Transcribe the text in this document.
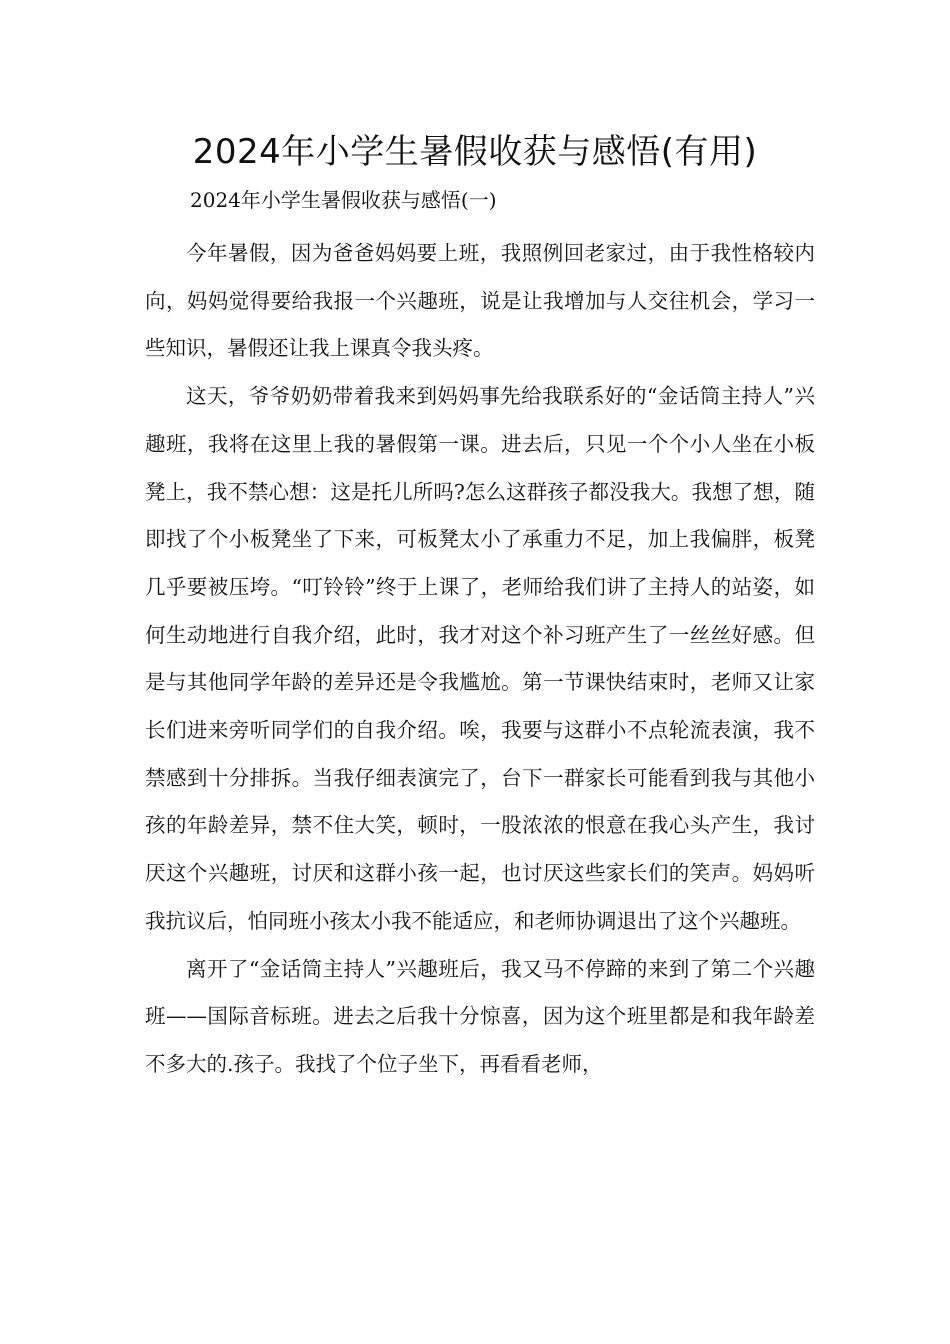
2024年小学生暑假收获与感悟(有用)

2024年小学生暑假收获与感悟(一)

今年暑假，因为爸爸妈妈要上班，我照例回老家过，由于我性格较内向，妈妈觉得要给我报一个兴趣班，说是让我增加与人交往机会，学习一些知识，暑假还让我上课真令我头疼。

这天，爷爷奶奶带着我来到妈妈事先给我联系好的“金话筒主持人”兴趣班，我将在这里上我的暑假第一课。进去后，只见一个个小人坐在小板凳上，我不禁心想：这是托儿所吗?怎么这群孩子都没我大。我想了想，随即找了个小板凳坐了下来，可板凳太小了承重力不足，加上我偏胖，板凳几乎要被压垮。“叮铃铃”终于上课了，老师给我们讲了主持人的站姿，如何生动地进行自我介绍，此时，我才对这个补习班产生了一丝丝好感。但是与其他同学年龄的差异还是令我尴尬。第一节课快结束时，老师又让家长们进来旁听同学们的自我介绍。唉，我要与这群小不点轮流表演，我不禁感到十分排拆。当我仔细表演完了，台下一群家长可能看到我与其他小孩的年龄差异，禁不住大笑，顿时，一股浓浓的恨意在我心头产生，我讨厌这个兴趣班，讨厌和这群小孩一起，也讨厌这些家长们的笑声。妈妈听我抗议后，怕同班小孩太小我不能适应，和老师协调退出了这个兴趣班。

离开了“金话筒主持人”兴趣班后，我又马不停蹄的来到了第二个兴趣班——国际音标班。进去之后我十分惊喜，因为这个班里都是和我年龄差不多大的.孩子。我找了个位子坐下，再看看老师，
